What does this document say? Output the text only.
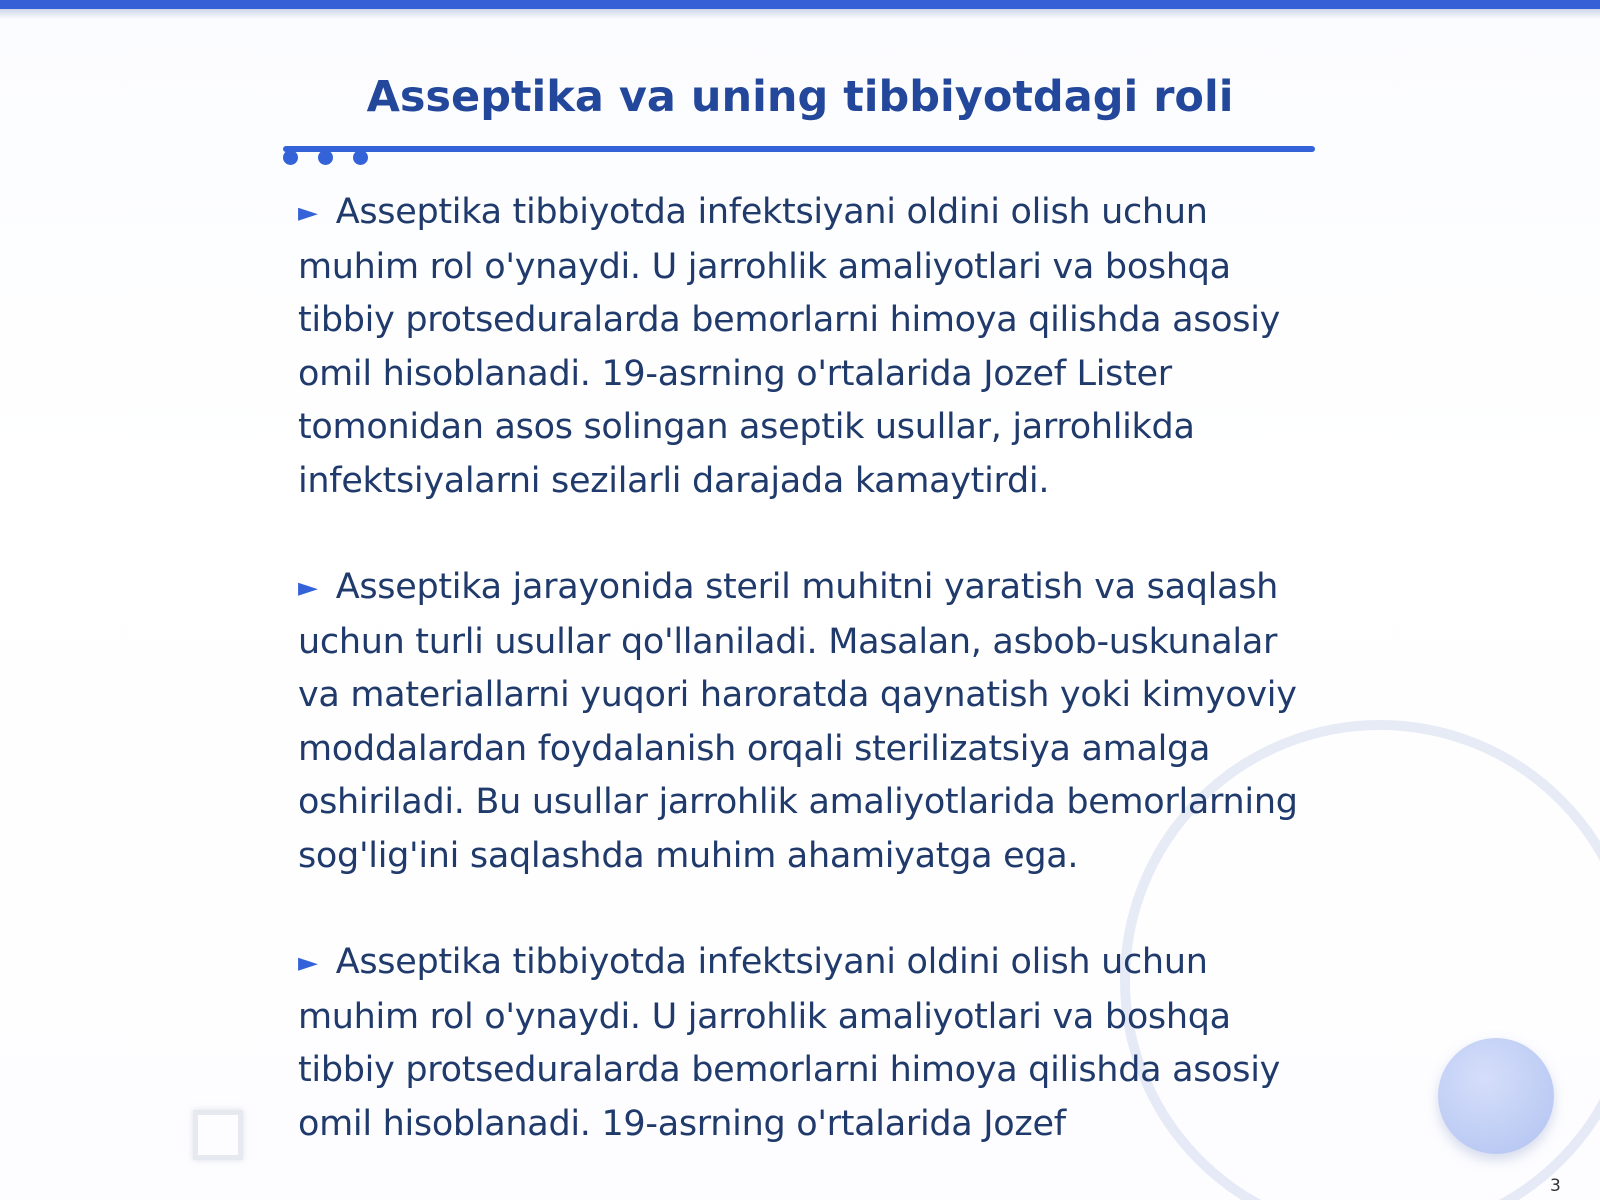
Asseptika va uning tibbiyotdagi roli

► Asseptika tibbiyotda infektsiyani oldini olish uchun muhim rol o'ynaydi. U jarrohlik amaliyotlari va boshqa tibbiy protseduralarda bemorlarni himoya qilishda asosiy omil hisoblanadi. 19-asrning o'rtalarida Jozef Lister tomonidan asos solingan aseptik usullar, jarrohlikda infektsiyalarni sezilarli darajada kamaytirdi.

► Asseptika jarayonida steril muhitni yaratish va saqlash uchun turli usullar qo'llaniladi. Masalan, asbob-uskunalar va materiallarni yuqori haroratda qaynatish yoki kimyoviy moddalardan foydalanish orqali sterilizatsiya amalga oshiriladi. Bu usullar jarrohlik amaliyotlarida bemorlarning sog'lig'ini saqlashda muhim ahamiyatga ega.

► Asseptika tibbiyotda infektsiyani oldini olish uchun muhim rol o'ynaydi. U jarrohlik amaliyotlari va boshqa tibbiy protseduralarda bemorlarni himoya qilishda asosiy omil hisoblanadi. 19-asrning o'rtalarida Jozef

3
